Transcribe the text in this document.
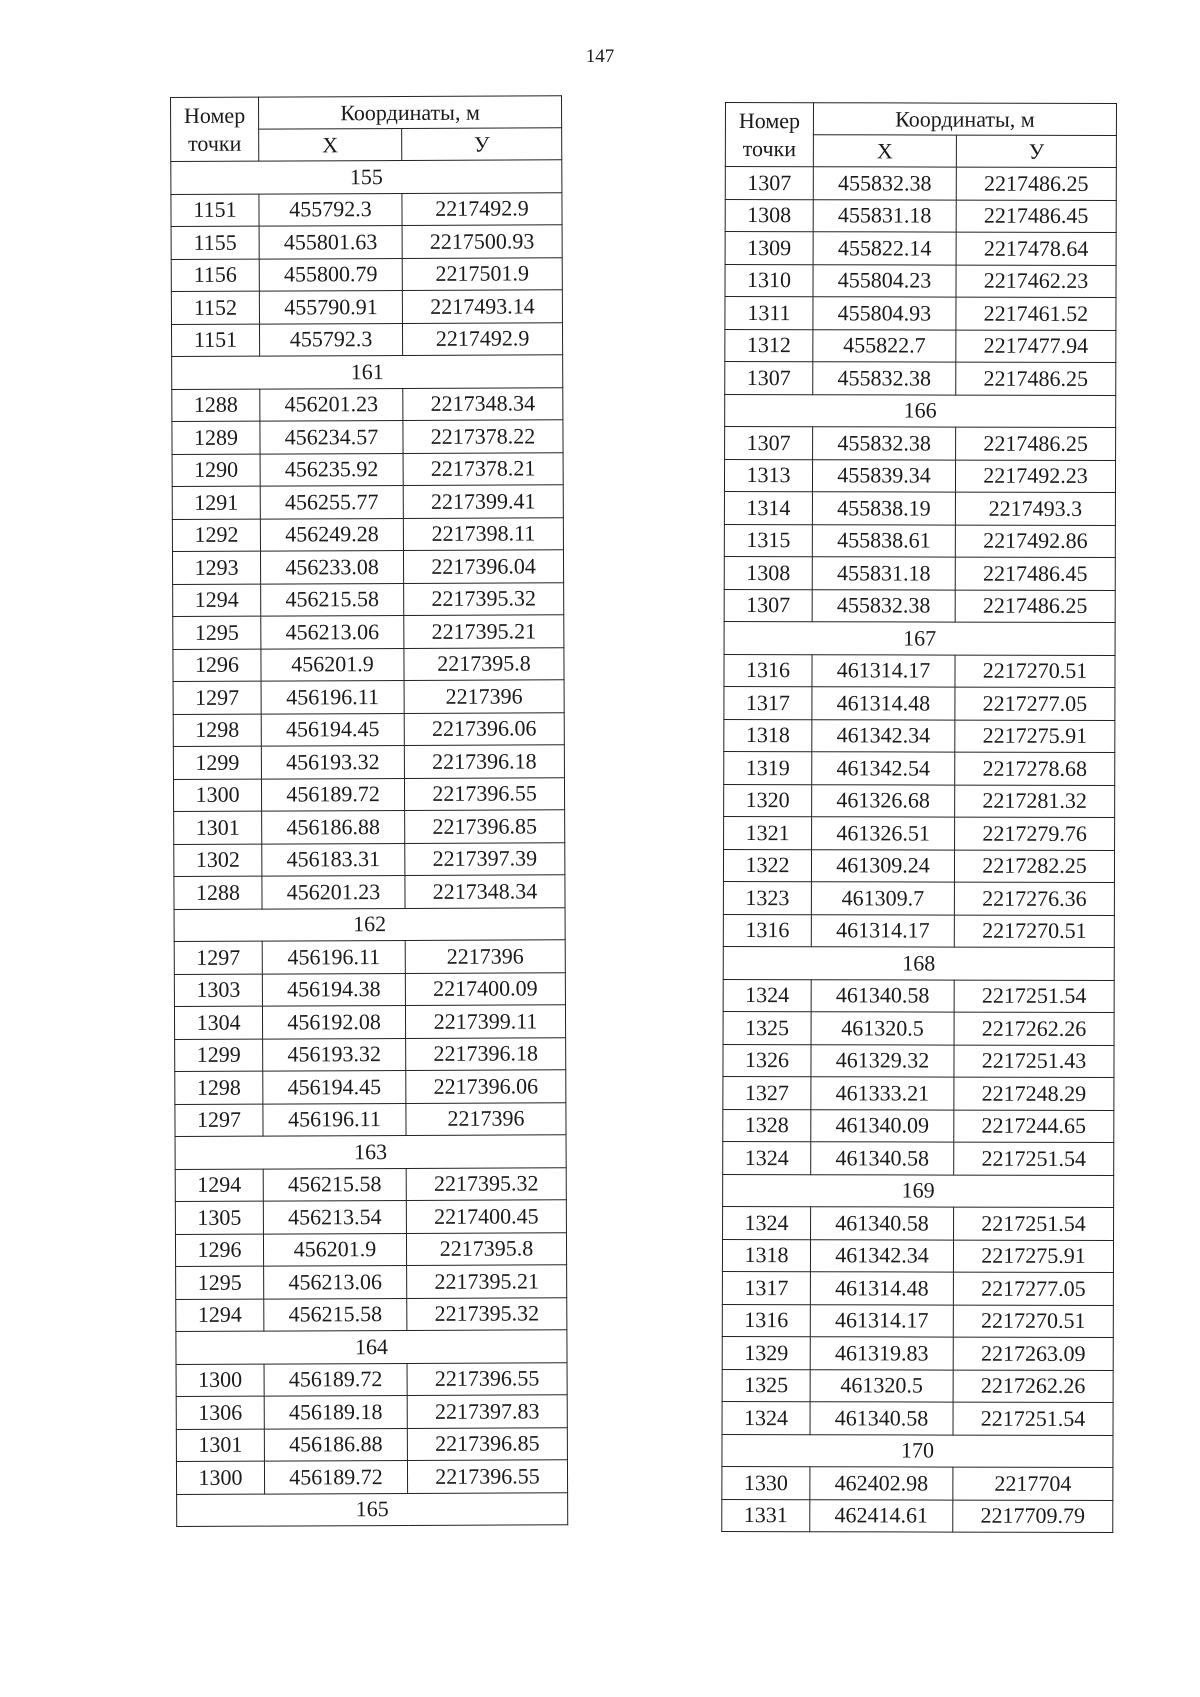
147
Номер
точки	Координаты, м	
	X	У
155		
1151	455792.3	2217492.9
1155	455801.63	2217500.93
1156	455800.79	2217501.9
1152	455790.91	2217493.14
1151	455792.3	2217492.9
161		
1288	456201.23	2217348.34
1289	456234.57	2217378.22
1290	456235.92	2217378.21
1291	456255.77	2217399.41
1292	456249.28	2217398.11
1293	456233.08	2217396.04
1294	456215.58	2217395.32
1295	456213.06	2217395.21
1296	456201.9	2217395.8
1297	456196.11	2217396
1298	456194.45	2217396.06
1299	456193.32	2217396.18
1300	456189.72	2217396.55
1301	456186.88	2217396.85
1302	456183.31	2217397.39
1288	456201.23	2217348.34
162		
1297	456196.11	2217396
1303	456194.38	2217400.09
1304	456192.08	2217399.11
1299	456193.32	2217396.18
1298	456194.45	2217396.06
1297	456196.11	2217396
163		
1294	456215.58	2217395.32
1305	456213.54	2217400.45
1296	456201.9	2217395.8
1295	456213.06	2217395.21
1294	456215.58	2217395.32
164		
1300	456189.72	2217396.55
1306	456189.18	2217397.83
1301	456186.88	2217396.85
1300	456189.72	2217396.55
165		
Номер
точки	Координаты, м	
	X	У
1307	455832.38	2217486.25
1308	455831.18	2217486.45
1309	455822.14	2217478.64
1310	455804.23	2217462.23
1311	455804.93	2217461.52
1312	455822.7	2217477.94
1307	455832.38	2217486.25
166		
1307	455832.38	2217486.25
1313	455839.34	2217492.23
1314	455838.19	2217493.3
1315	455838.61	2217492.86
1308	455831.18	2217486.45
1307	455832.38	2217486.25
167		
1316	461314.17	2217270.51
1317	461314.48	2217277.05
1318	461342.34	2217275.91
1319	461342.54	2217278.68
1320	461326.68	2217281.32
1321	461326.51	2217279.76
1322	461309.24	2217282.25
1323	461309.7	2217276.36
1316	461314.17	2217270.51
168		
1324	461340.58	2217251.54
1325	461320.5	2217262.26
1326	461329.32	2217251.43
1327	461333.21	2217248.29
1328	461340.09	2217244.65
1324	461340.58	2217251.54
169		
1324	461340.58	2217251.54
1318	461342.34	2217275.91
1317	461314.48	2217277.05
1316	461314.17	2217270.51
1329	461319.83	2217263.09
1325	461320.5	2217262.26
1324	461340.58	2217251.54
170		
1330	462402.98	2217704
1331	462414.61	2217709.79
